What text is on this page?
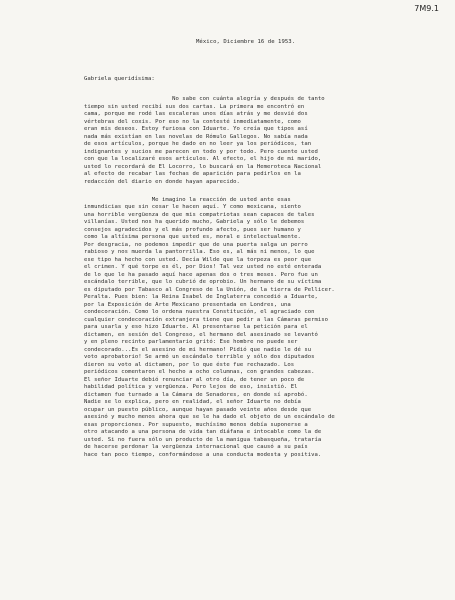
7M9.1
México, Diciembre 16 de 1953.
Gabriela queridísima:
No sabe con cuánta alegría y después de tanto
tiempo sin usted recibí sus dos cartas. La primera me encontró en
cama, porque me rodé las escaleras unos días atrás y me desvié dos
vértebras del coxis. Por eso no la contesté inmediatamente, como
eran mis deseos. Estoy furiosa con Iduarte. Yo creía que tipos así
nada más existían en las novelas de Rómulo Gallegos. No sabía nada
de esos artículos, porque he dado en no leer ya los periódicos, tan
indignantes y sucios me parecen en todo y por todo. Pero cuente usted
con que la localizaré esos artículos. Al efecto, el hijo de mi marido,
usted lo recordará de El Locorro, lo buscará en la Hemeroteca Nacional
al efecto de recabar las fechas de aparición para pedirlos en la
redacción del diario en donde hayan aparecido.
Me imagino la reacción de usted ante esas
inmundicias que sin cesar le hacen aquí. Y como mexicana, siento
una horrible vergüenza de que mis compatriotas sean capaces de tales
villanías. Usted nos ha querido mucho, Gabriela y sólo le debemos
consejos agradecidos y el más profundo afecto, pues ser humano y
como la altísima persona que usted es, moral e intelectualmente.
Por desgracia, no podemos impedir que de una puerta salga un perro
rabioso y nos muerda la pantorrilla. Eso es, al más ni menos, lo que
ese tipo ha hecho con usted. Decía Wilde que la torpeza es peor que
el crimen. Y qué torpe es él, por Dios! Tal vez usted no esté enterada
de lo que le ha pasado aquí hace apenas dos o tres meses. Pero fue un
escándalo terrible, que lo cubrió de oprobio. Un hermano de su víctima
es diputado por Tabasco al Congreso de la Unión, de la tierra de Pellicer.
Peralta. Pues bien: la Reina Isabel de Inglaterra concedió a Iduarte,
por la Exposición de Arte Mexicano presentada en Londres, una
condecoración. Como lo ordena nuestra Constitución, el agraciado con
cualquier condecoración extranjera tiene que pedir a las Cámaras permiso
para usarla y eso hizo Iduarte. Al presentarse la petición para el
dictamen, en sesión del Congreso, el hermano del asesinado se levantó
y en pleno recinto parlamentario gritó: Ese hombre no puede ser
condecorado...Es el asesino de mi hermano! Pidió que nadie le dé su
voto aprobatorio! Se armó un escándalo terrible y sólo dos diputados
dieron su voto al dictamen, por lo que éste fue rechazado. Los
periódicos comentaron el hecho a ocho columnas, con grandes cabezas.
El señor Iduarte debió renunciar al otro día, de tener un poco de
habilidad política y vergüenza. Pero lejos de eso, insistió. El
dictamen fue turnado a la Cámara de Senadores, en donde sí aprobó.
Nadie se lo explica, pero en realidad, el señor Iduarte no debía
ocupar un puesto público, aunque hayan pasado veinte años desde que
asesinó y mucho menos ahora que se le ha dado el objeto de un escándalo de
esas proporciones. Por supuesto, muchísimo menos debía suponerse a
otro atacando a una persona de vida tan diáfana e intocable como la de
usted. Si no fuera sólo un producto de la manigua tabasqueña, trataría
de hacerse perdonar la vergüenza internacional que causó a su país
hace tan poco tiempo, conformándose a una conducta modesta y positiva.
